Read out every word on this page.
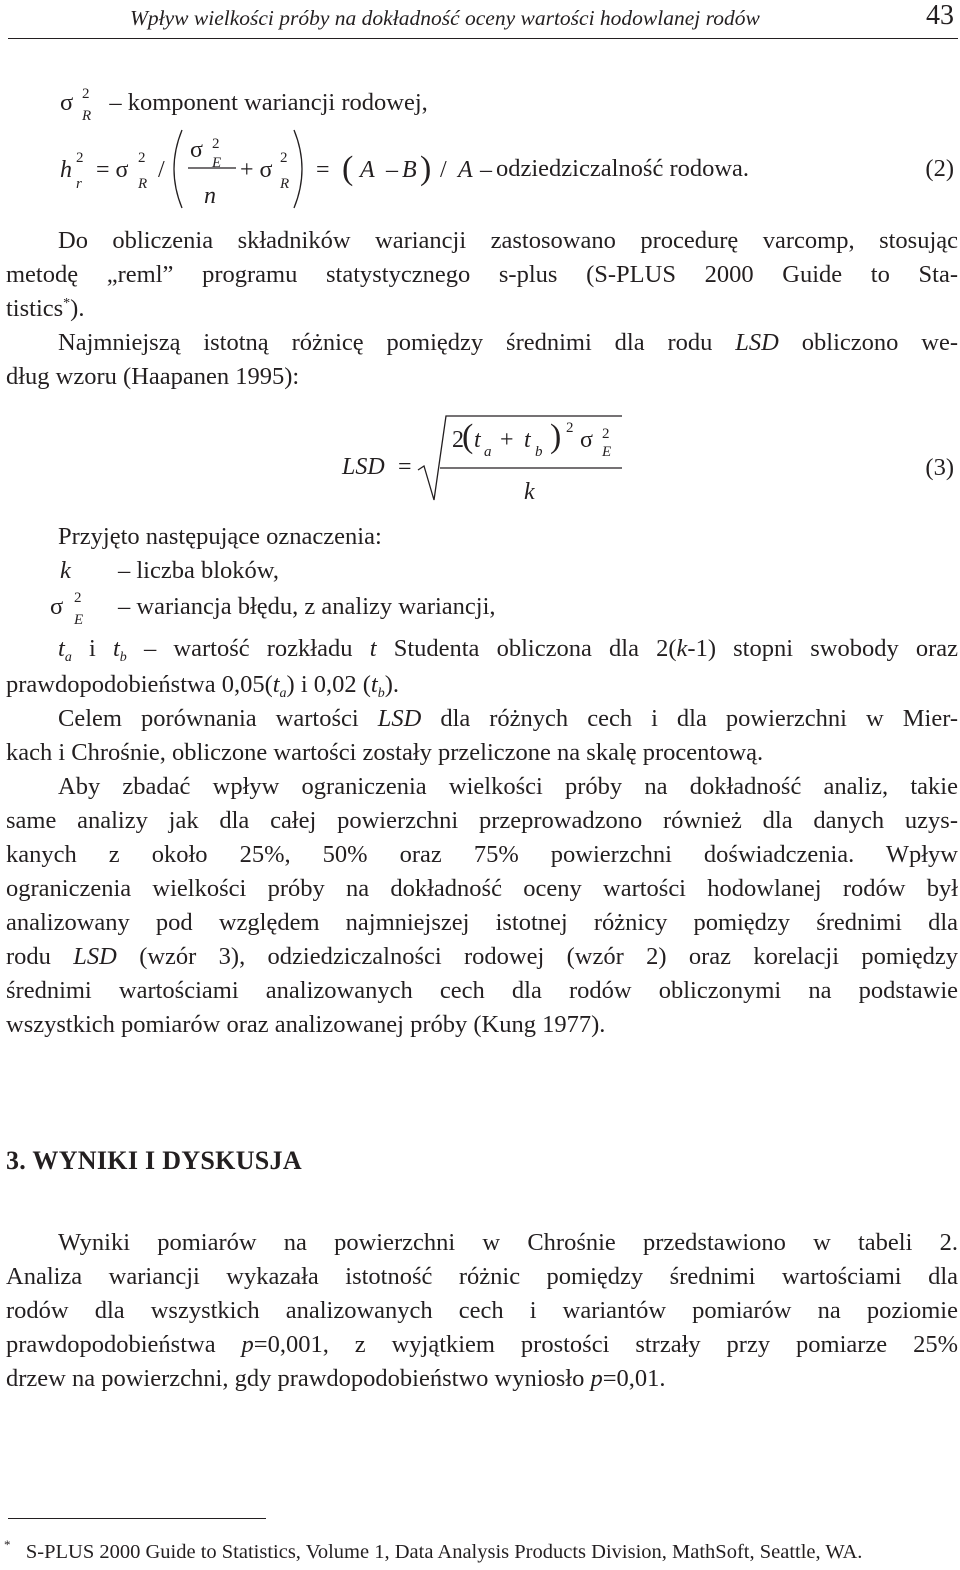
Wpływ wielkości próby na dokładność oceny wartości hodowlanej rodów	43
σ 2
R – komponent wariancji rodowej,
h 2
r
= σ 2
R
/
σ 2
E
n
+ σ 2
R
= ( A – B ) / A – odziedziczalność rodowa.	(2)
Do obliczenia składników wariancji zastosowano procedurę varcomp, stosując
metodę „reml” programu statystycznego s-plus (S-PLUS 2000 Guide to Sta-
tistics*).
Najmniejszą istotną różnicę pomiędzy średnimi dla rodu LSD obliczono we-
dług wzoru (Haapanen 1995):
LSD =
2
( t a + t b ) 2 σ 2
E
k
(3)
Przyjęto następujące oznaczenia:
k – liczba bloków,
σ 2
E – wariancja błędu, z analizy wariancji,
$t_a$ i $t_b$ – wartość rozkładu t Studenta obliczona dla 2(k-1) stopni swobody oraz
prawdopodobieństwa $0,05(t_a)$ i 0,02 $(t_b)$.
Celem porównania wartości LSD dla różnych cech i dla powierzchni w Mier-
kach i Chrośnie, obliczone wartości zostały przeliczone na skalę procentową.
Aby zbadać wpływ ograniczenia wielkości próby na dokładność analiz, takie
same analizy jak dla całej powierzchni przeprowadzono również dla danych uzys-
kanych z około 25%, 50% oraz 75% powierzchni doświadczenia. Wpływ
ograniczenia wielkości próby na dokładność oceny wartości hodowlanej rodów był
analizowany pod względem najmniejszej istotnej różnicy pomiędzy średnimi dla
rodu LSD (wzór 3), odziedziczalności rodowej (wzór 2) oraz korelacji pomiędzy
średnimi wartościami analizowanych cech dla rodów obliczonymi na podstawie
wszystkich pomiarów oraz analizowanej próby (Kung 1977).
3. WYNIKI I DYSKUSJA
Wyniki pomiarów na powierzchni w Chrośnie przedstawiono w tabeli 2.
Analiza wariancji wykazała istotność różnic pomiędzy średnimi wartościami dla
rodów dla wszystkich analizowanych cech i wariantów pomiarów na poziomie
prawdopodobieństwa p=0,001, z wyjątkiem prostości strzały przy pomiarze 25%
drzew na powierzchni, gdy prawdopodobieństwo wyniosło p=0,01.
* S-PLUS 2000 Guide to Statistics, Volume 1, Data Analysis Products Division, MathSoft, Seattle, WA.
